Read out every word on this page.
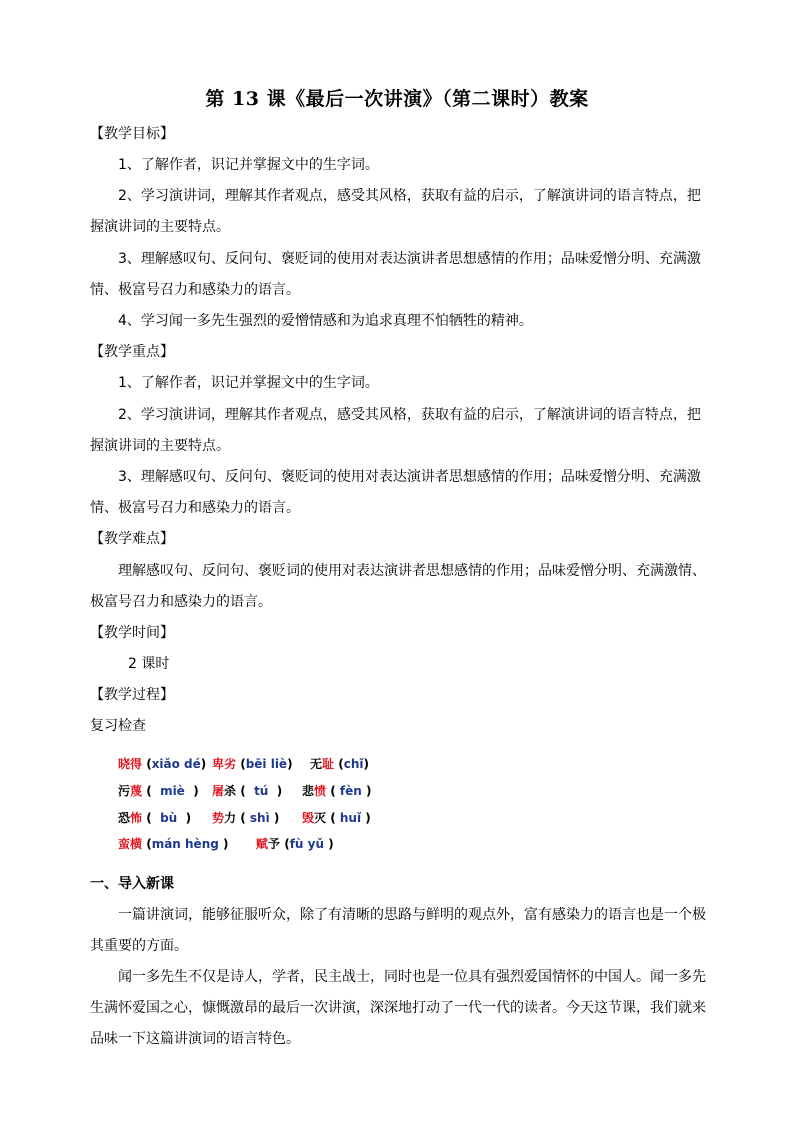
第 13 课《最后一次讲演》（第二课时）教案
【教学目标】
1、了解作者，识记并掌握文中的生字词。
2、学习演讲词，理解其作者观点，感受其风格，获取有益的启示，了解演讲词的语言特点，把
握演讲词的主要特点。
3、理解感叹句、反问句、褒贬词的使用对表达演讲者思想感情的作用；品味爱憎分明、充满激
情、极富号召力和感染力的语言。
4、学习闻一多先生强烈的爱憎情感和为追求真理不怕牺牲的精神。
【教学重点】
1、了解作者，识记并掌握文中的生字词。
2、学习演讲词，理解其作者观点，感受其风格，获取有益的启示，了解演讲词的语言特点，把
握演讲词的主要特点。
3、理解感叹句、反问句、褒贬词的使用对表达演讲者思想感情的作用；品味爱憎分明、充满激
情、极富号召力和感染力的语言。
【教学难点】
理解感叹句、反问句、褒贬词的使用对表达演讲者思想感情的作用；品味爱憎分明、充满激情、
极富号召力和感染力的语言。
【教学时间】
2 课时
【教学过程】
复习检查
晓得 (xiǎo dé) 卑劣 (bēi liè) 无耻 (chǐ)
污蔑 ( miè ) 屠杀 ( tú ) 悲愤 ( fèn )
恐怖 ( bù ) 势力 ( shì ) 毁灭 ( huǐ )
蛮横 (mán hèng ) 赋予 (fù yǔ )
一、导入新课
一篇讲演词，能够征服听众，除了有清晰的思路与鲜明的观点外，富有感染力的语言也是一个极
其重要的方面。
闻一多先生不仅是诗人，学者，民主战士，同时也是一位具有强烈爱国情怀的中国人。闻一多先
生满怀爱国之心，慷慨激昂的最后一次讲演，深深地打动了一代一代的读者。今天这节课，我们就来
品味一下这篇讲演词的语言特色。
